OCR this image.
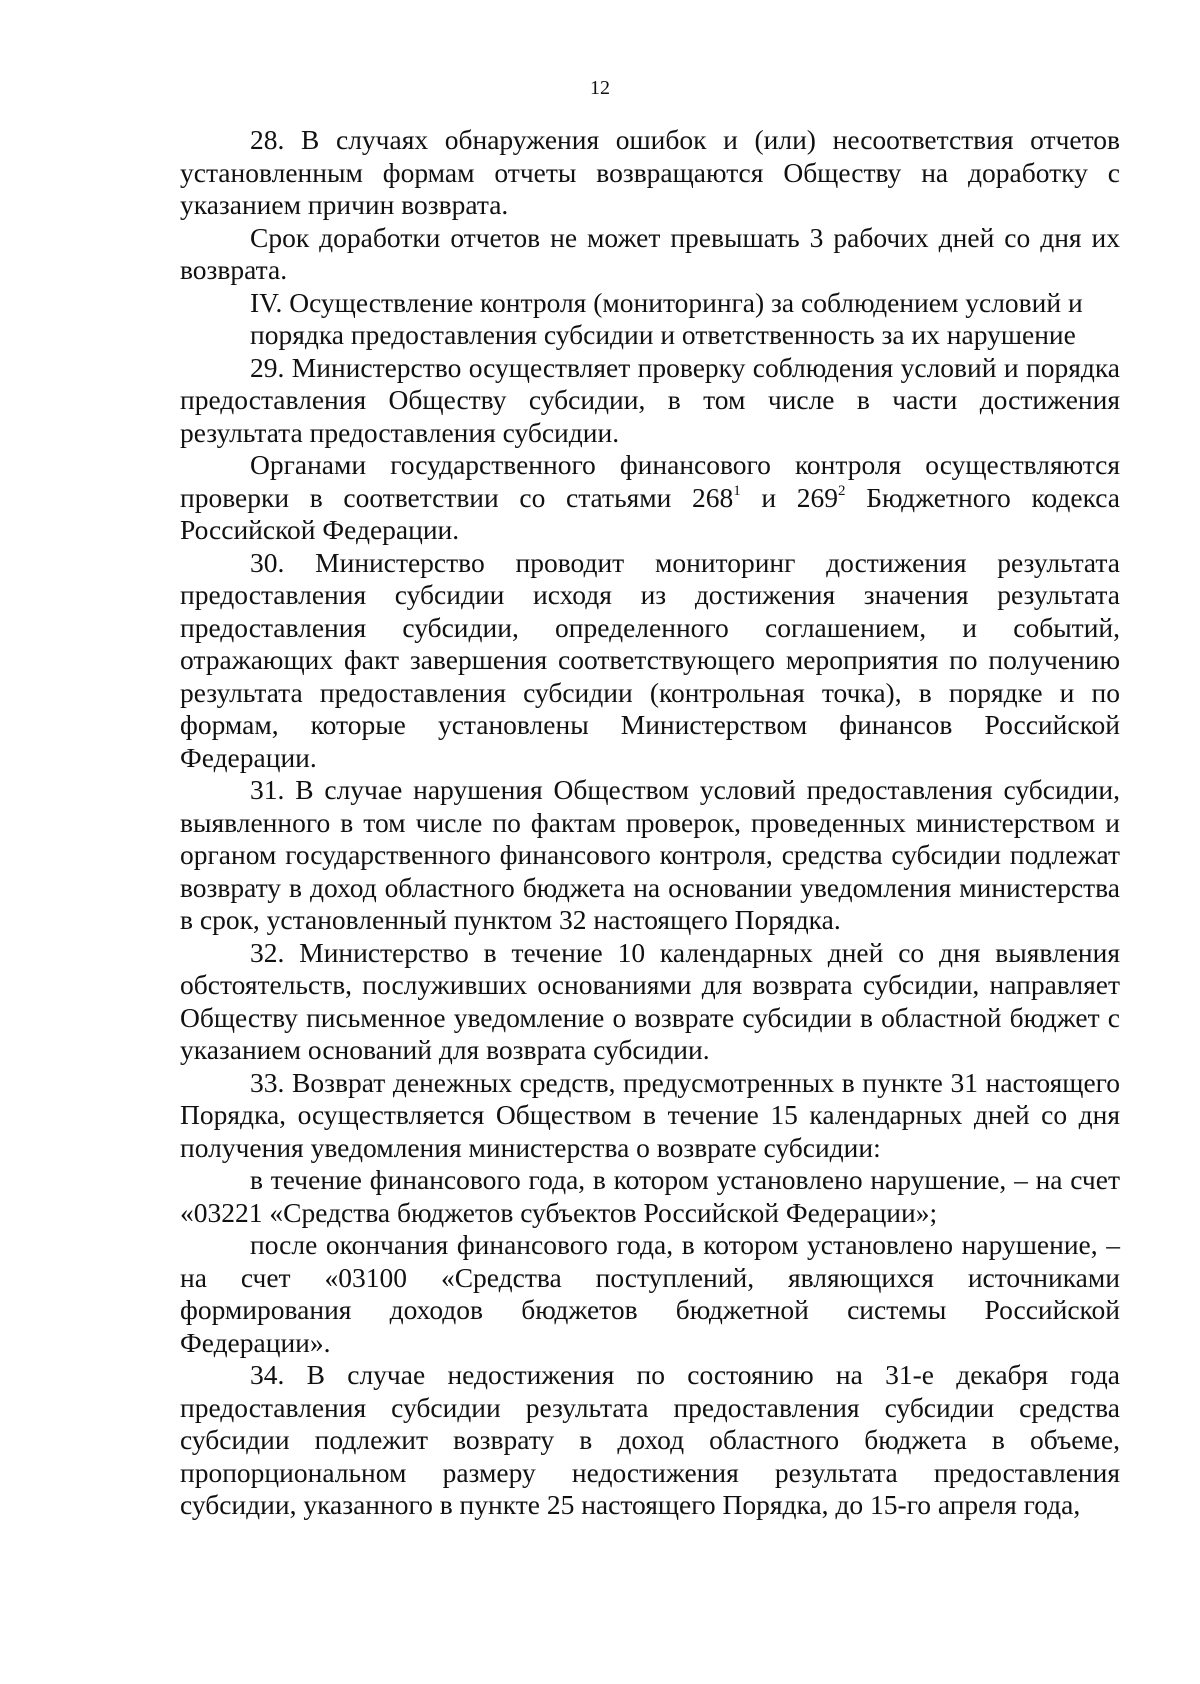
12

28. В случаях обнаружения ошибок и (или) несоответствия отчетов установленным формам отчеты возвращаются Обществу на доработку с указанием причин возврата.

Срок доработки отчетов не может превышать 3 рабочих дней со дня их возврата.

IV. Осуществление контроля (мониторинга) за соблюдением условий и
порядка предоставления субсидии и ответственность за их нарушение

29. Министерство осуществляет проверку соблюдения условий и порядка предоставления Обществу субсидии, в том числе в части достижения результата предоставления субсидии.

Органами государственного финансового контроля осуществляются проверки в соответствии со статьями $268^1$ и $269^2$ Бюджетного кодекса Российской Федерации.

30. Министерство проводит мониторинг достижения результата предоставления субсидии исходя из достижения значения результата предоставления субсидии, определенного соглашением, и событий, отражающих факт завершения соответствующего мероприятия по получению результата предоставления субсидии (контрольная точка), в порядке и по формам, которые установлены Министерством финансов Российской Федерации.

31. В случае нарушения Обществом условий предоставления субсидии, выявленного в том числе по фактам проверок, проведенных министерством и органом государственного финансового контроля, средства субсидии подлежат возврату в доход областного бюджета на основании уведомления министерства в срок, установленный пунктом 32 настоящего Порядка.

32. Министерство в течение 10 календарных дней со дня выявления обстоятельств, послуживших основаниями для возврата субсидии, направляет Обществу письменное уведомление о возврате субсидии в областной бюджет с указанием оснований для возврата субсидии.

33. Возврат денежных средств, предусмотренных в пункте 31 настоящего Порядка, осуществляется Обществом в течение 15 календарных дней со дня получения уведомления министерства о возврате субсидии:

в течение финансового года, в котором установлено нарушение, – на счет «03221 «Средства бюджетов субъектов Российской Федерации»;

после окончания финансового года, в котором установлено нарушение, – на счет «03100 «Средства поступлений, являющихся источниками формирования доходов бюджетов бюджетной системы Российской Федерации».

34. В случае недостижения по состоянию на 31-е декабря года предоставления субсидии результата предоставления субсидии средства субсидии подлежит возврату в доход областного бюджета в объеме, пропорциональном размеру недостижения результата предоставления субсидии, указанного в пункте 25 настоящего Порядка, до 15-го апреля года,
